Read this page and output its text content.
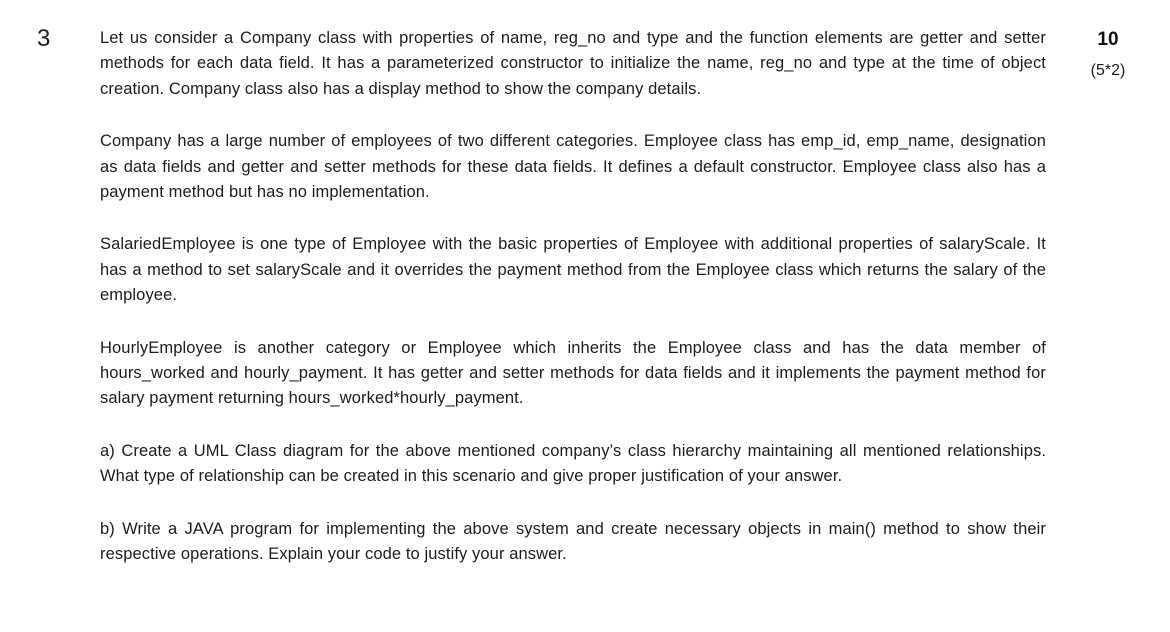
3	Let us consider a Company class with properties of name, reg_no and type and the function elements are getter and setter methods for each data field. It has a parameterized constructor to initialize the name, reg_no and type at the time of object creation. Company class also has a display method to show the company details.

Company has a large number of employees of two different categories. Employee class has emp_id, emp_name, designation as data fields and getter and setter methods for these data fields. It defines a default constructor. Employee class also has a payment method but has no implementation.

SalariedEmployee is one type of Employee with the basic properties of Employee with additional properties of salaryScale. It has a method to set salaryScale and it overrides the payment method from the Employee class which returns the salary of the employee.

HourlyEmployee is another category or Employee which inherits the Employee class and has the data member of hours_worked and hourly_payment. It has getter and setter methods for data fields and it implements the payment method for salary payment returning hours_worked*hourly_payment.

a) Create a UML Class diagram for the above mentioned company’s class hierarchy maintaining all mentioned relationships. What type of relationship can be created in this scenario and give proper justification of your answer.

b) Write a JAVA program for implementing the above system and create necessary objects in main() method to show their respective operations. Explain your code to justify your answer.

10
(5*2)
